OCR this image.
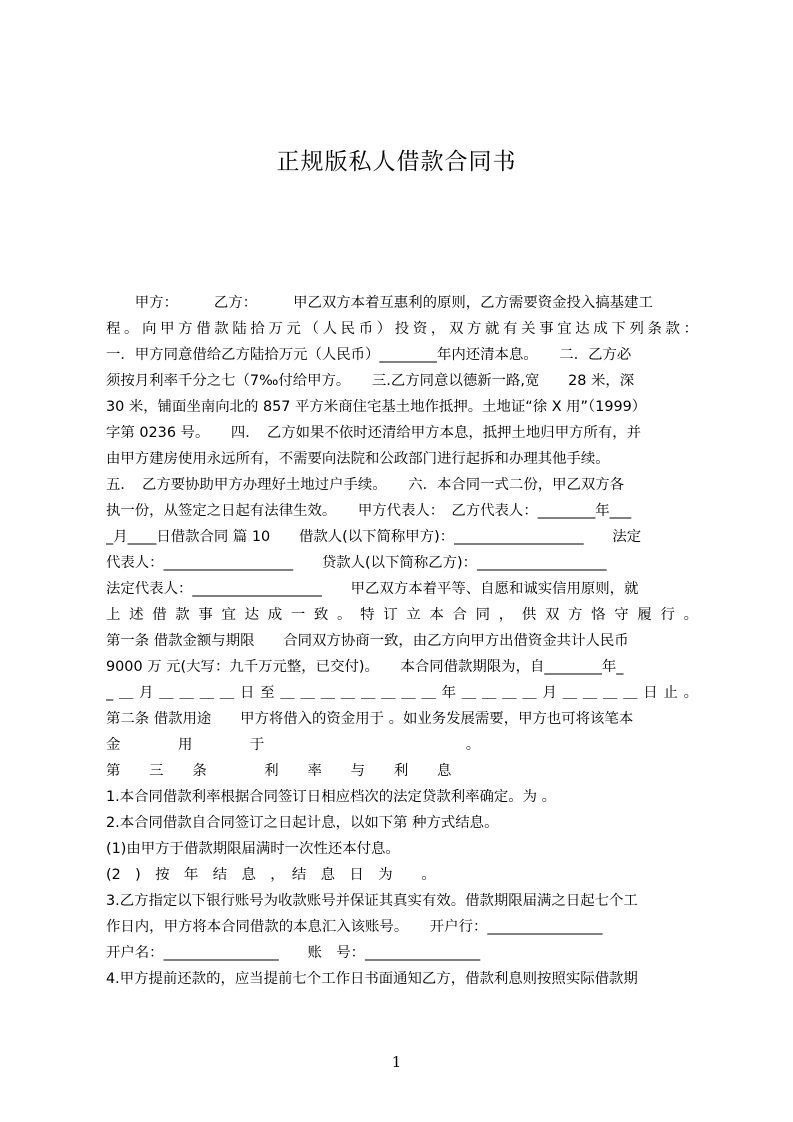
正规版私人借款合同书
　　甲方：　　　乙方：　　　甲乙双方本着互惠利的原则，乙方需要资金投入搞基建工
程。向甲方借款陆拾万元（人民币）投资，双方就有关事宜达成下列条款：
一．甲方同意借给乙方陆拾万元（人民币）________年内还清本息。　　二．乙方必
须按月利率千分之七（7‰付给甲方。　　三.乙方同意以德新一路,宽　　28 米，深
30 米，铺面坐南向北的 857 平方米商住宅基土地作抵押。土地证“徐 X 用”（1999）
字第 0236 号。　　四．　乙方如果不依时还清给甲方本息，抵押土地归甲方所有，并
由甲方建房使用永远所有，不需要向法院和公政部门进行起拆和办理其他手续。
五．　乙方要协助甲方办理好土地过户手续。　　六．本合同一式二份，甲乙双方各
执一份，从签定之日起有法律生效。　　甲方代表人：　乙方代表人：________年___
_月____日借款合同 篇 10　　借款人(以下简称甲方)：__________________　　法定
代表人：__________________　　贷款人(以下简称乙方)：__________________
法定代表人：__________________　　甲乙双方本着平等、自愿和诚实信用原则，就
上述借款事宜达成一致。特订立本合同，供双方恪守履行。
第一条 借款金额与期限　　合同双方协商一致，由乙方向甲方出借资金共计人民币
9000 万 元(大写：九千万元整，已交付)。　　本合同借款期限为，自________年_
_＿月＿＿＿＿日至＿＿＿＿＿＿＿＿年＿＿＿＿月＿＿＿＿日止。
第二条 借款用途　　甲方将借入的资金用于 。如业务发展需要，甲方也可将该笔本
金　　　　用　　　　于　　　　　　　　　　　　　　。
第　　三　　条　　　　利　　率　　与　　利　　息
1.本合同借款利率根据合同签订日相应档次的法定贷款利率确定。为 。
2.本合同借款自合同签订之日起计息，以如下第 种方式结息。
(1)由甲方于借款期限届满时一次性还本付息。
(2　)　按　年　结　息　，　结　息　日　为　　。
3.乙方指定以下银行账号为收款账号并保证其真实有效。借款期限届满之日起七个工
作日内，甲方将本合同借款的本息汇入该账号。　　开户行：________________
开户名：________________　　账　号：________________
4.甲方提前还款的，应当提前七个工作日书面通知乙方，借款利息则按照实际借款期
1
